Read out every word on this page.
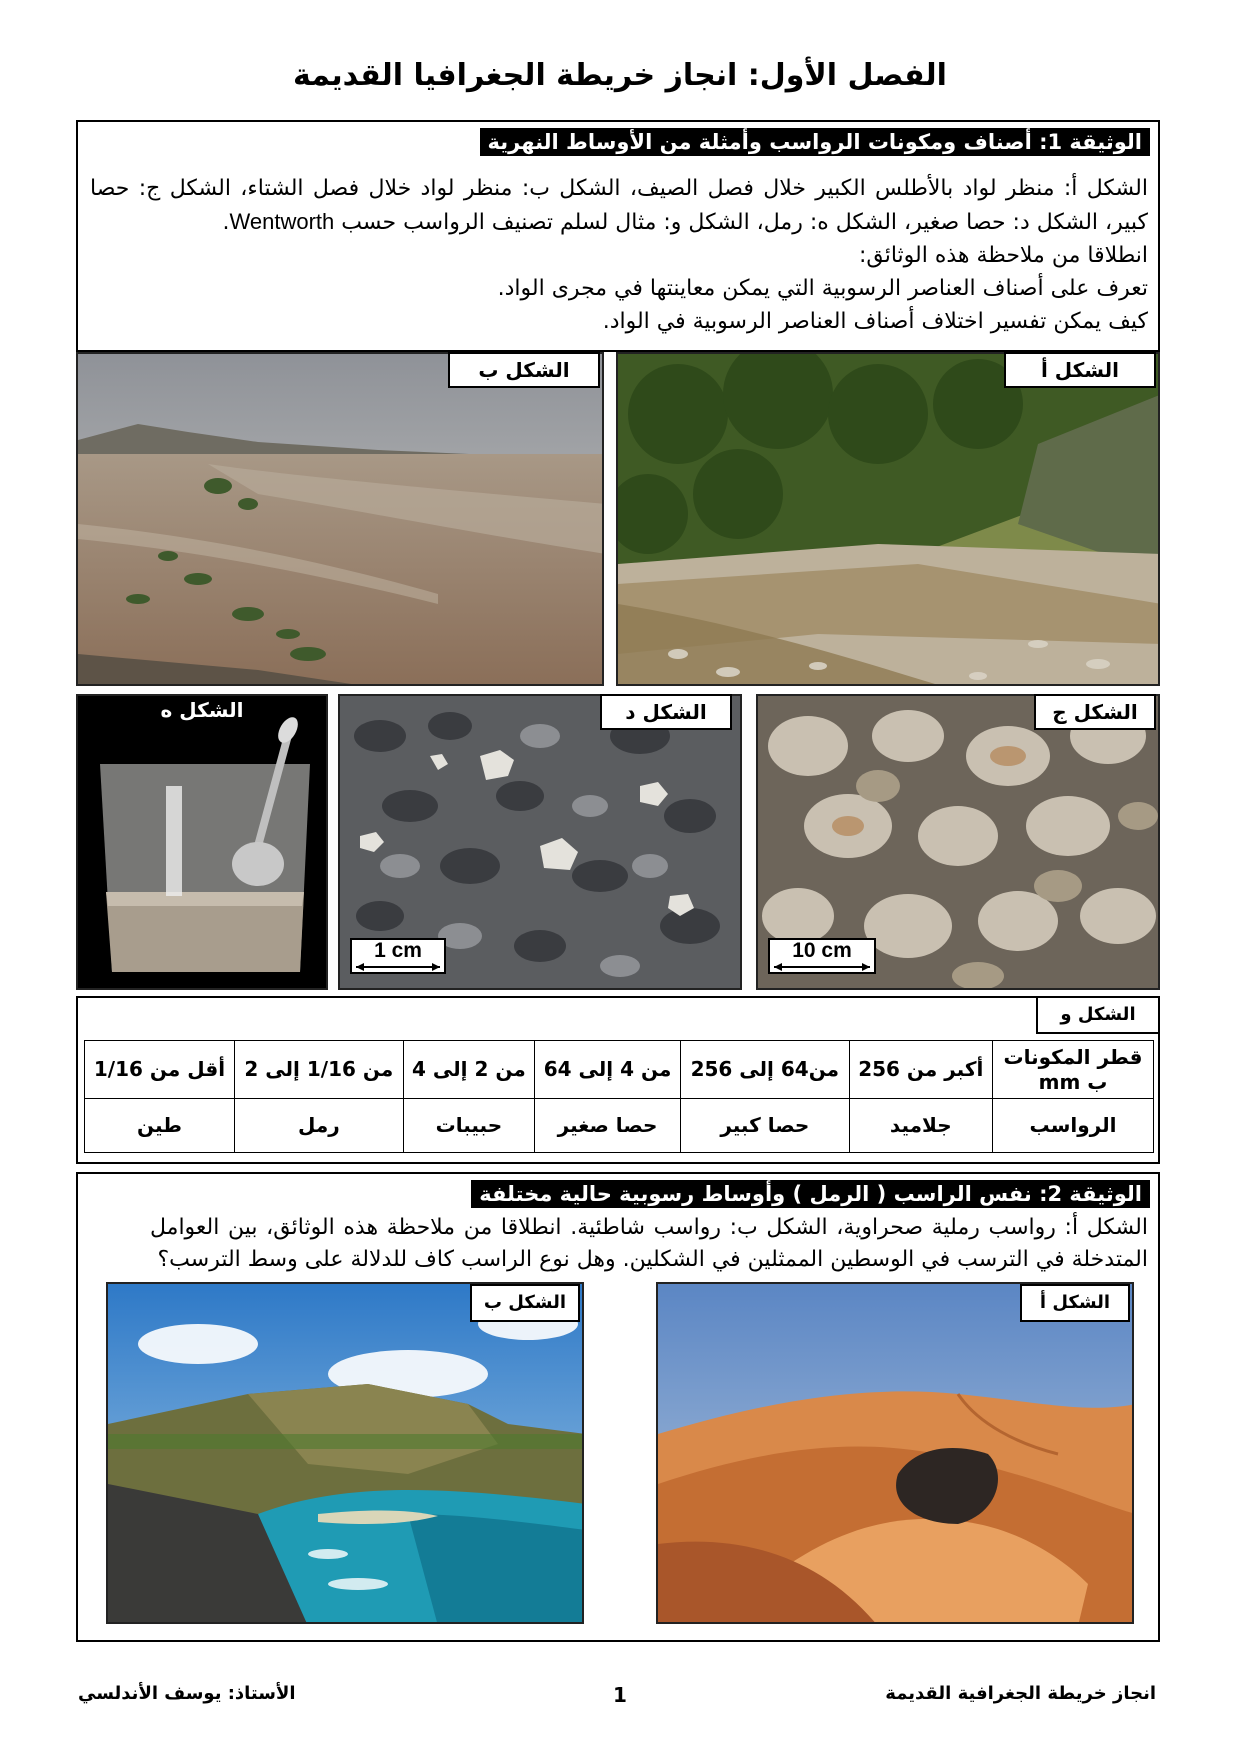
الفصل الأول: انجاز خريطة الجغرافيا القديمة
الوثيقة 1: أصناف ومكونات الرواسب وأمثلة من الأوساط النهرية

الشكل أ: منظر لواد بالأطلس الكبير خلال فصل الصيف، الشكل ب: منظر لواد خلال فصل الشتاء، الشكل ج: حصا

كبير، الشكل د: حصا صغير، الشكل ه: رمل، الشكل و: مثال لسلم تصنيف الرواسب حسب Wentworth.

انطلاقا من ملاحظة هذه الوثائق:

تعرف على أصناف العناصر الرسوبية التي يمكن معاينتها في مجرى الواد.

كيف يمكن تفسير اختلاف أصناف العناصر الرسوبية في الواد.

الشكل ب	الشكل أ
الشكل ه	الشكل د
1 cm
الشكل ج
10 cm
الشكل و
قطر المكونات ب mm	أكبر من 256	من64 إلى 256	من 4 إلى 64	من 2 إلى 4	من 1/16 إلى 2	أقل من 1/16
الرواسب	جلاميد	حصا كبير	حصا صغير	حبيبات	رمل	طين
الوثيقة 2: نفس الراسب ( الرمل ) وأوساط رسوبية حالية مختلفة

الشكل أ: رواسب رملية صحراوية، الشكل ب: رواسب شاطئية. انطلاقا من ملاحظة هذه الوثائق، بين العوامل

المتدخلة في الترسب في الوسطين الممثلين في الشكلين. وهل نوع الراسب كاف للدلالة على وسط الترسب؟

الشكل ب	الشكل أ
الأستاذ: يوسف الأندلسي	1	انجاز خريطة الجغرافية القديمة
